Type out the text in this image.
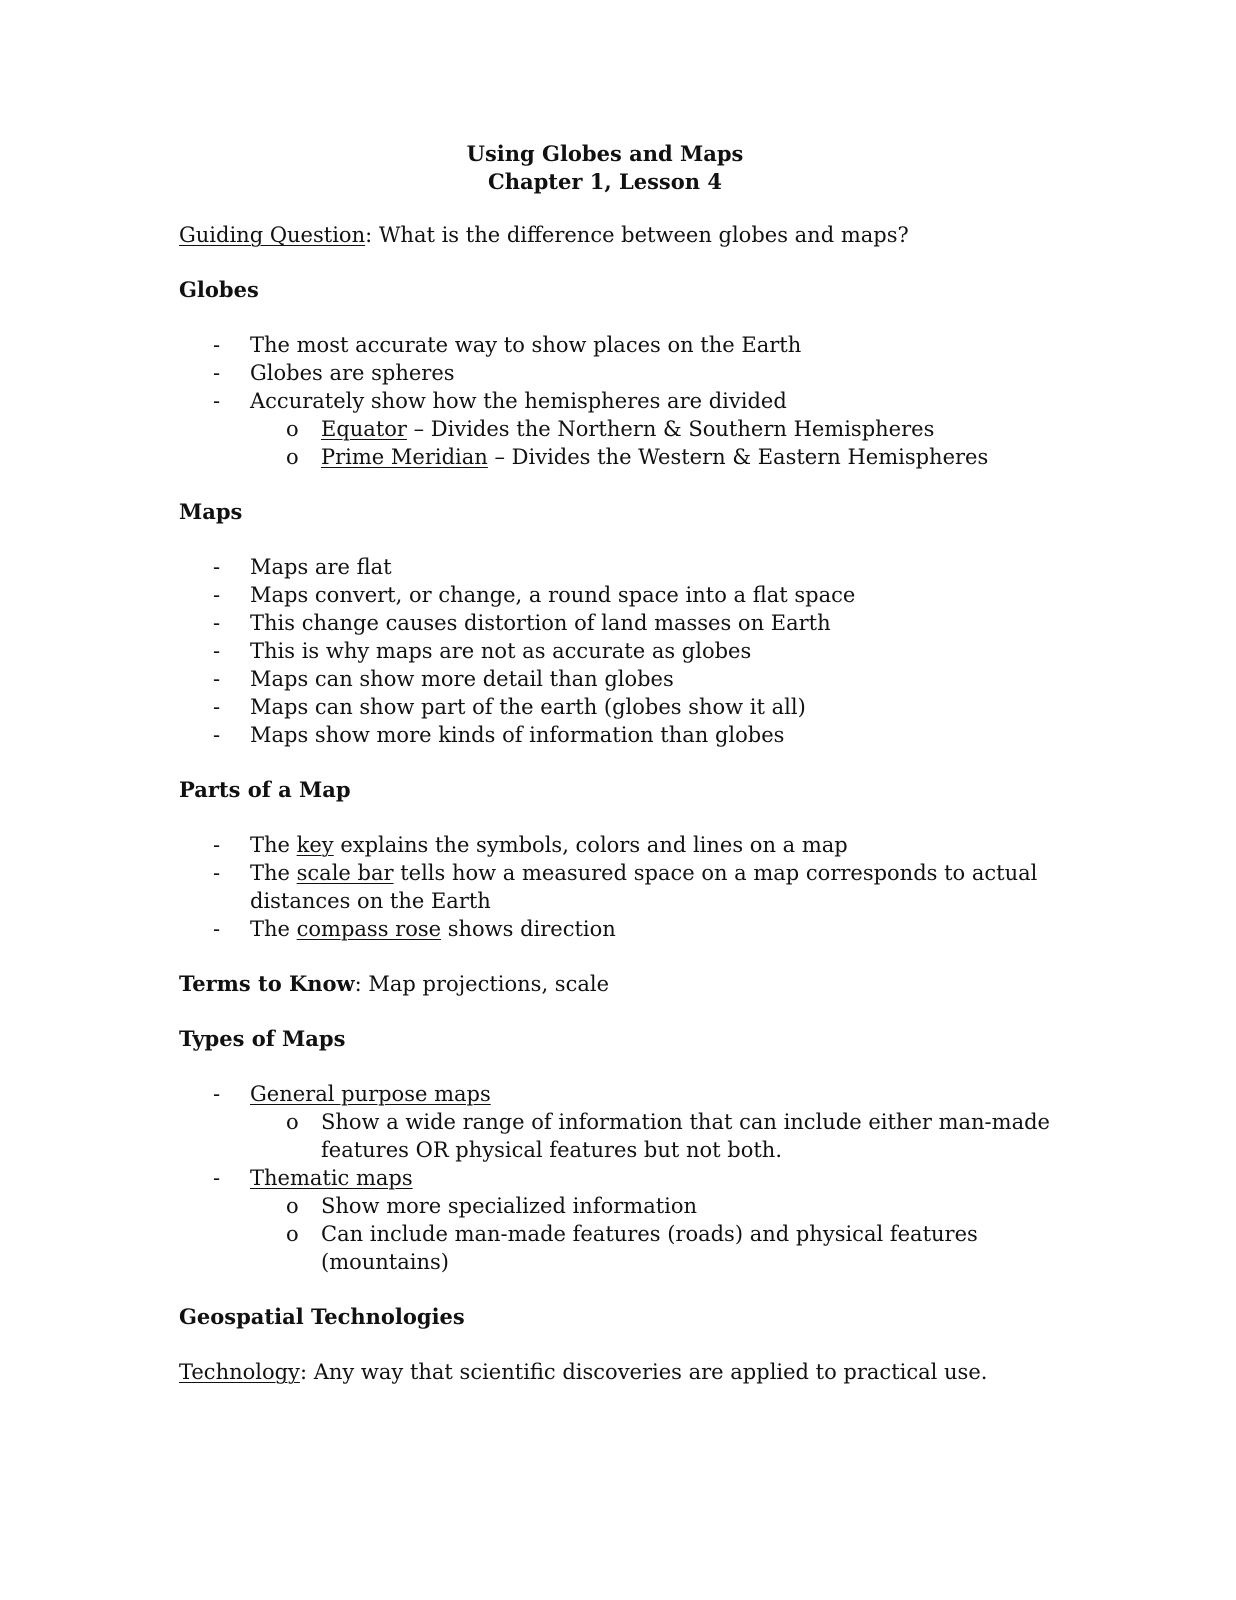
Using Globes and Maps
Chapter 1, Lesson 4

Guiding Question: What is the difference between globes and maps?

Globes

- The most accurate way to show places on the Earth
- Globes are spheres
- Accurately show how the hemispheres are divided
o Equator – Divides the Northern & Southern Hemispheres
o Prime Meridian – Divides the Western & Eastern Hemispheres

Maps

- Maps are flat
- Maps convert, or change, a round space into a flat space
- This change causes distortion of land masses on Earth
- This is why maps are not as accurate as globes
- Maps can show more detail than globes
- Maps can show part of the earth (globes show it all)
- Maps show more kinds of information than globes

Parts of a Map

- The key explains the symbols, colors and lines on a map
- The scale bar tells how a measured space on a map corresponds to actual distances on the Earth
- The compass rose shows direction

Terms to Know: Map projections, scale

Types of Maps

- General purpose maps
o Show a wide range of information that can include either man-made features OR physical features but not both.
- Thematic maps
o Show more specialized information
o Can include man-made features (roads) and physical features (mountains)

Geospatial Technologies

Technology: Any way that scientific discoveries are applied to practical use.
